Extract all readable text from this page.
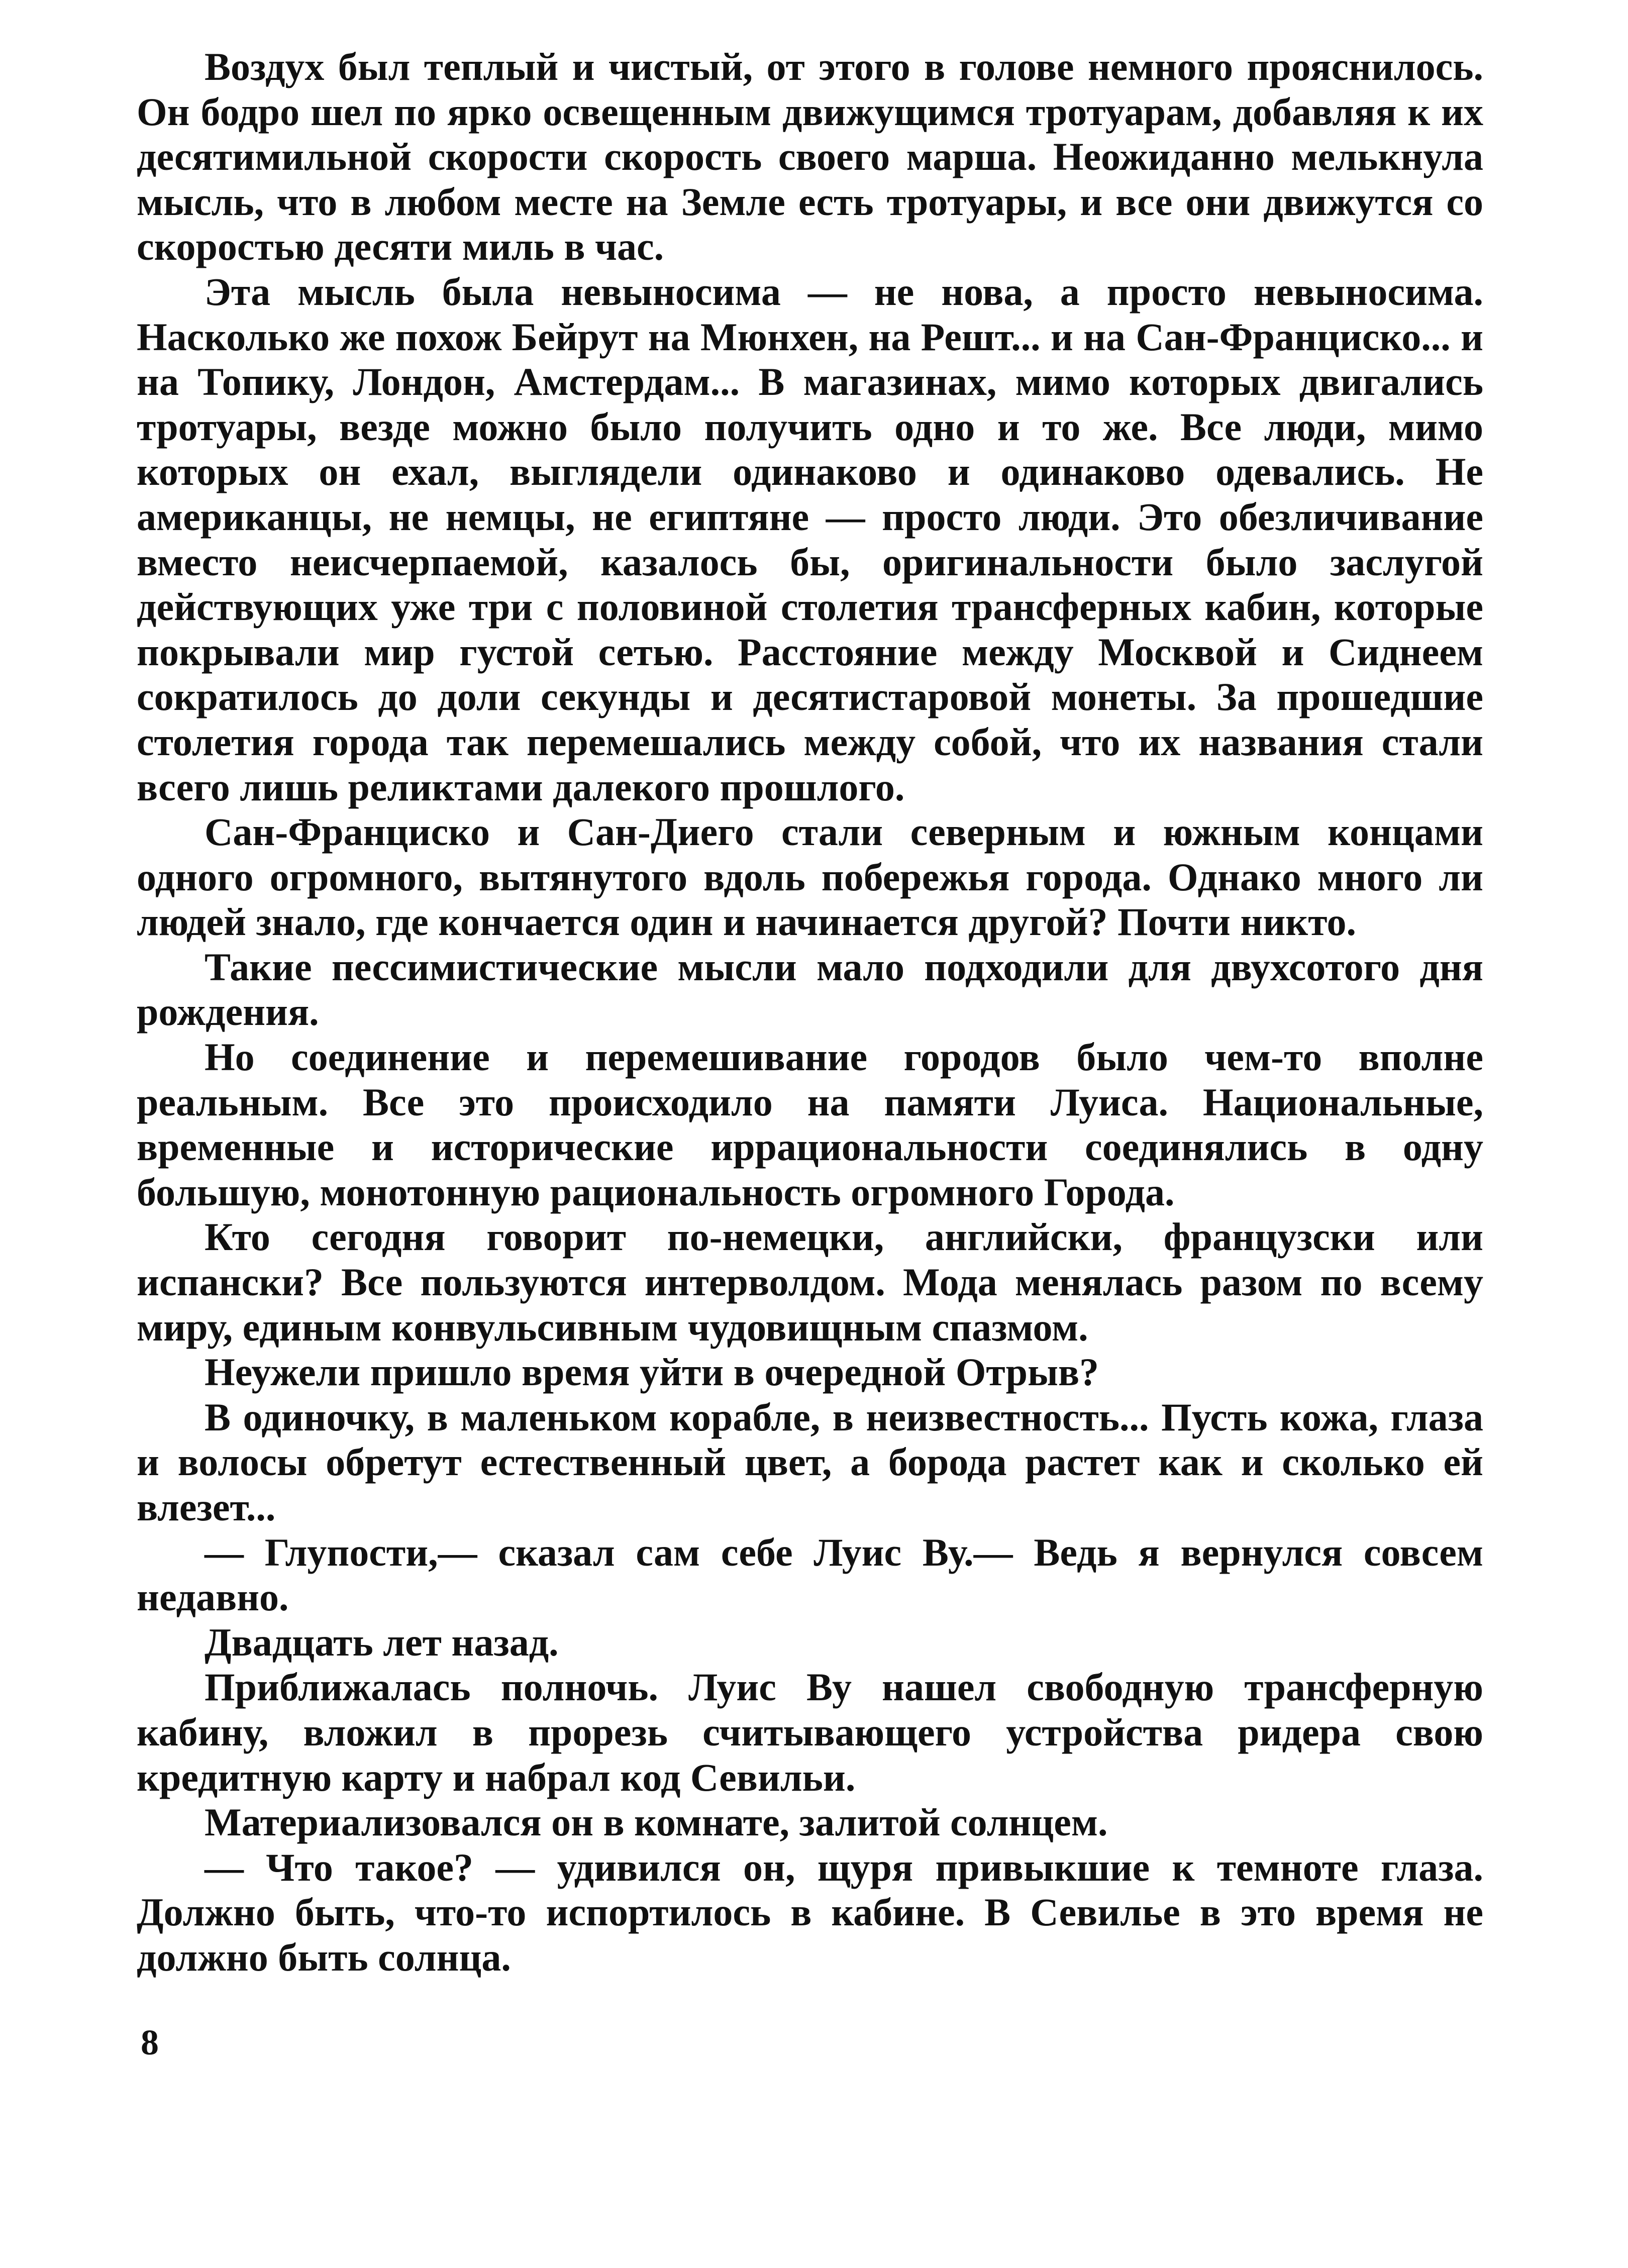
Воздух был теплый и чистый, от этого в голове немного прояснилось. Он бодро шел по ярко освещенным движущимся тротуарам, добавляя к их десятимильной скорости скорость своего марша. Неожиданно мелькнула мысль, что в любом месте на Земле есть тротуары, и все они движутся со скоростью десяти миль в час.

Эта мысль была невыносима — не нова, а просто невыносима. Насколько же похож Бейрут на Мюнхен, на Решт... и на Сан-Франциско... и на Топику, Лондон, Амстердам... В магазинах, мимо которых двигались тротуары, везде можно было получить одно и то же. Все люди, мимо которых он ехал, выглядели одинаково и одинаково одевались. Не американцы, не немцы, не египтяне — просто люди. Это обезличивание вместо неисчерпаемой, казалось бы, оригинальности было заслугой действующих уже три с половиной столетия трансферных кабин, которые покрывали мир густой сетью. Расстояние между Москвой и Сиднеем сократилось до доли секунды и десятистаровой монеты. За прошедшие столетия города так перемешались между собой, что их названия стали всего лишь реликтами далекого прошлого.

Сан-Франциско и Сан-Диего стали северным и южным концами одного огромного, вытянутого вдоль побережья города. Однако много ли людей знало, где кончается один и начинается другой? Почти никто.

Такие пессимистические мысли мало подходили для двухсотого дня рождения.

Но соединение и перемешивание городов было чем-то вполне реальным. Все это происходило на памяти Луиса. Национальные, временные и исторические иррациональности соединялись в одну большую, монотонную рациональность огромного Города.

Кто сегодня говорит по-немецки, английски, французски или испански? Все пользуются интерволдом. Мода менялась разом по всему миру, единым конвульсивным чудовищным спазмом.

Неужели пришло время уйти в очередной Отрыв?

В одиночку, в маленьком корабле, в неизвестность... Пусть кожа, глаза и волосы обретут естественный цвет, а борода растет как и сколько ей влезет...

— Глупости,— сказал сам себе Луис Ву.— Ведь я вернулся совсем недавно.

Двадцать лет назад.

Приближалась полночь. Луис Ву нашел свободную трансферную кабину, вложил в прорезь считывающего устройства ридера свою кредитную карту и набрал код Севильи.

Материализовался он в комнате, залитой солнцем.

— Что такое? — удивился он, щуря привыкшие к темноте глаза. Должно быть, что-то испортилось в кабине. В Севилье в это время не должно быть солнца.

8
